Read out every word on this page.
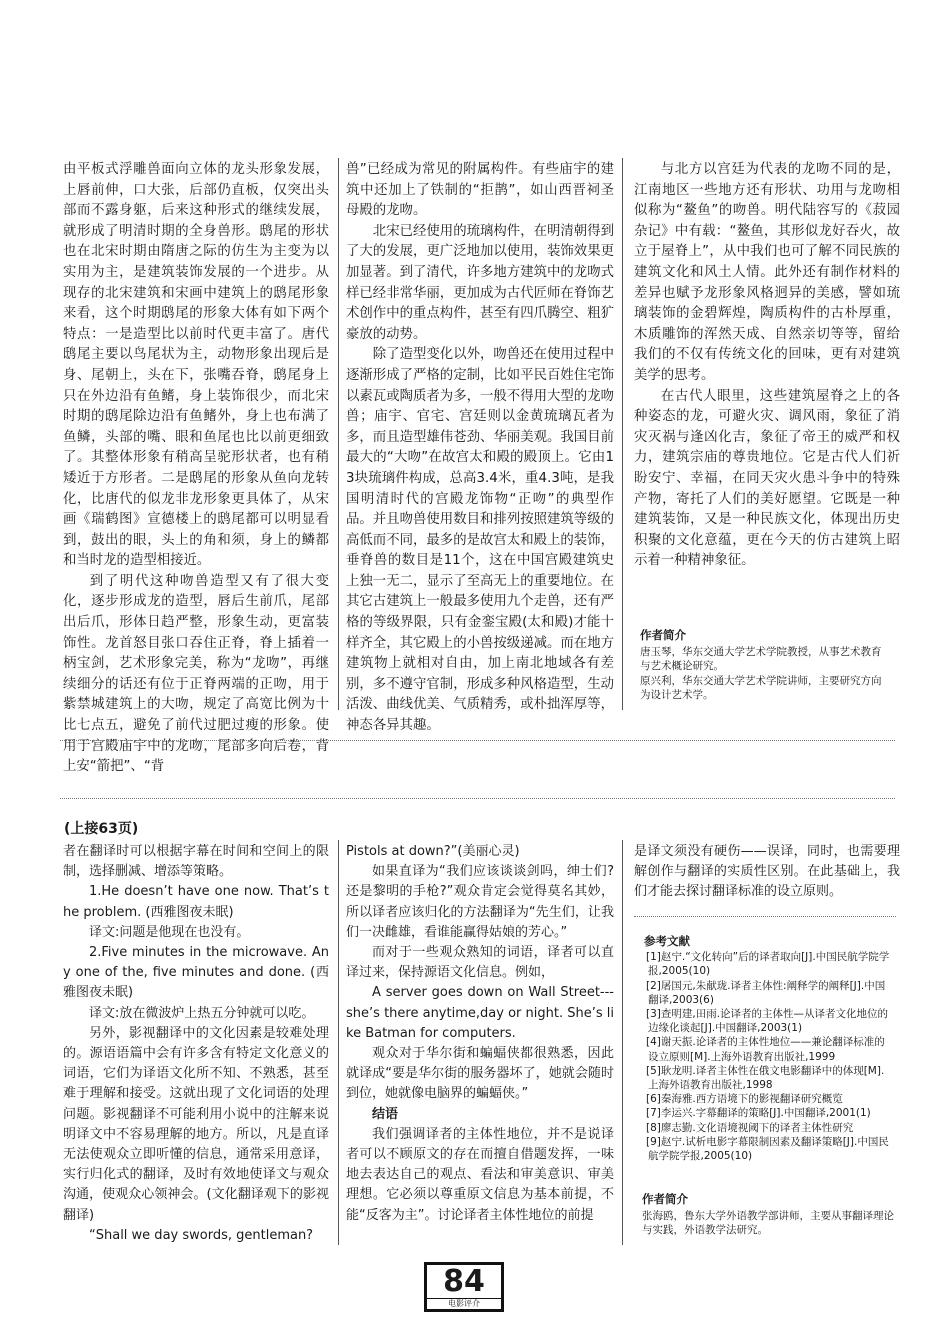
由平板式浮雕兽面向立体的龙头形象发展，上唇前伸，口大张，后部仍直板，仅突出头部而不露身躯，后来这种形式的继续发展，就形成了明清时期的全身兽形。鸱尾的形状也在北宋时期由隋唐之际的仿生为主变为以实用为主，是建筑装饰发展的一个进步。从现存的北宋建筑和宋画中建筑上的鸱尾形象来看，这个时期鸱尾的形象大体有如下两个特点：一是造型比以前时代更丰富了。唐代鸱尾主要以鸟尾状为主，动物形象出现后是身、尾朝上，头在下，张嘴吞脊，鸱尾身上只在外边沿有鱼鳍，身上装饰很少，而北宋时期的鸱尾除边沿有鱼鳍外，身上也布满了鱼鳞，头部的嘴、眼和鱼尾也比以前更细致了。其整体形象有稍高呈驼形状者，也有稍矮近于方形者。二是鸱尾的形象从鱼向龙转化，比唐代的似龙非龙形象更具体了，从宋画《瑞鹤图》宣德楼上的鸱尾都可以明显看到，鼓出的眼，头上的角和须，身上的鳞都和当时龙的造型相接近。

到了明代这种吻兽造型又有了很大变化，逐步形成龙的造型，唇后生前爪，尾部出后爪，形体日趋严整，形象生动，更富装饰性。龙首怒目张口吞住正脊，脊上插着一柄宝剑，艺术形象完美，称为“龙吻”，再继续细分的话还有位于正脊两端的正吻，用于紫禁城建筑上的大吻，规定了高宽比例为十比七点五，避免了前代过肥过瘦的形象。使用于宫殿庙宇中的龙吻，尾部多向后卷，背上安“箭把”、“背

兽”已经成为常见的附属构件。有些庙宇的建筑中还加上了铁制的“拒鹊”，如山西晋祠圣母殿的龙吻。

北宋已经使用的琉璃构件，在明清朝得到了大的发展，更广泛地加以使用，装饰效果更加显著。到了清代，许多地方建筑中的龙吻式样已经非常华丽，更加成为古代匠师在脊饰艺术创作中的重点构件，甚至有四爪腾空、粗犷豪放的动势。

除了造型变化以外，吻兽还在使用过程中逐渐形成了严格的定制，比如平民百姓住宅饰以素瓦或陶质者为多，一般不得用大型的龙吻兽；庙宇、官宅、宫廷则以金黄琉璃瓦者为多，而且造型雄伟苍劲、华丽美观。我国目前最大的“大吻”在故宫太和殿的殿顶上。它由13块琉璃件构成，总高3.4米，重4.3吨，是我国明清时代的宫殿龙饰物“正吻”的典型作品。并且吻兽使用数目和排列按照建筑等级的高低而不同，最多的是故宫太和殿上的装饰，垂脊兽的数目是11个，这在中国宫殿建筑史上独一无二，显示了至高无上的重要地位。在其它古建筑上一般最多使用九个走兽，还有严格的等级界限，只有金銮宝殿(太和殿)才能十样齐全，其它殿上的小兽按级递减。而在地方建筑物上就相对自由，加上南北地域各有差别，多不遵守官制，形成多种风格造型，生动活泼、曲线优美、气质精秀，或朴拙浑厚等，神态各异其趣。

与北方以宫廷为代表的龙吻不同的是，江南地区一些地方还有形状、功用与龙吻相似称为“鳌鱼”的吻兽。明代陆容写的《菽园杂记》中有载：“鳌鱼，其形似龙好吞火，故立于屋脊上”，从中我们也可了解不同民族的建筑文化和风土人情。此外还有制作材料的差异也赋予龙形象风格迥异的美感，譬如琉璃装饰的金碧辉煌，陶质构件的古朴厚重，木质雕饰的浑然天成、自然亲切等等，留给我们的不仅有传统文化的回味，更有对建筑美学的思考。

在古代人眼里，这些建筑屋脊之上的各种姿态的龙，可避火灾、调风雨，象征了消灾灭祸与逢凶化吉，象征了帝王的威严和权力，建筑宗庙的尊贵地位。它是古代人们祈盼安宁、幸福，在同天灾火患斗争中的特殊产物，寄托了人们的美好愿望。它既是一种建筑装饰，又是一种民族文化，体现出历史积聚的文化意蕴，更在今天的仿古建筑上昭示着一种精神象征。

作者简介

唐玉琴，华东交通大学艺术学院教授，从事艺术教育与艺术概论研究。

原兴利，华东交通大学艺术学院讲师，主要研究方向为设计艺术学。

(上接63页)

者在翻译时可以根据字幕在时间和空间上的限制，选择删减、增添等策略。

1.He doesn’t have one now. That’s the problem. (西雅图夜未眠)

译文:问题是他现在也没有。

2.Five minutes in the microwave. Any one of the, five minutes and done. (西雅图夜未眠)

译文:放在微波炉上热五分钟就可以吃。

另外，影视翻译中的文化因素是较难处理的。源语语篇中会有许多含有特定文化意义的词语，它们为译语文化所不知、不熟悉，甚至难于理解和接受。这就出现了文化词语的处理问题。影视翻译不可能利用小说中的注解来说明译文中不容易理解的地方。所以，凡是直译无法使观众立即听懂的信息，通常采用意译，实行归化式的翻译，及时有效地使译文与观众沟通，使观众心领神会。(文化翻译观下的影视翻译)

“Shall we day swords, gentleman?

Pistols at down?”(美丽心灵)

如果直译为“我们应该谈谈剑吗，绅士们?还是黎明的手枪?”观众肯定会觉得莫名其妙，所以译者应该归化的方法翻译为“先生们，让我们一决雌雄，看谁能赢得姑娘的芳心。”

而对于一些观众熟知的词语，译者可以直译过来，保持源语文化信息。例如，

A server goes down on Wall Street---she’s there anytime,day or night. She’s like Batman for computers.

观众对于华尔街和蝙蝠侠都很熟悉，因此就译成“要是华尔街的服务器坏了，她就会随时到位，她就像电脑界的蝙蝠侠。”

结语

我们强调译者的主体性地位，并不是说译者可以不顾原文的存在而擅自借题发挥，一味地去表达自己的观点、看法和审美意识、审美理想。它必须以尊重原文信息为基本前提，不能“反客为主”。讨论译者主体性地位的前提

是译文须没有硬伤——误译，同时，也需要理解创作与翻译的实质性区别。在此基础上，我们才能去探讨翻译标准的设立原则。

参考文献

[1]赵宁.“文化转向”后的译者取向[J].中国民航学院学报,2005(10)

[2]屠国元,朱献珑.译者主体性:阐释学的阐释[J].中国翻译,2003(6)

[3]查明建,田雨.论译者的主体性—从译者文化地位的边缘化谈起[J].中国翻译,2003(1)

[4]谢天振.论译者的主体性地位——兼论翻译标准的设立原则[M].上海外语教育出版社,1999

[5]耿龙明.译者主体性在俄文电影翻译中的体现[M].上海外语教育出版社,1998

[6]秦海雅.西方语境下的影视翻译研究概览

[7]李运兴.字幕翻译的策略[J].中国翻译,2001(1)

[8]廖志勤.文化语境视阈下的译者主体性研究

[9]赵宁.试析电影字幕限制因素及翻译策略[J].中国民航学院学报,2005(10)

作者简介

张海鸥，鲁东大学外语教学部讲师，主要从事翻译理论与实践，外语教学法研究。

84
电影评介
